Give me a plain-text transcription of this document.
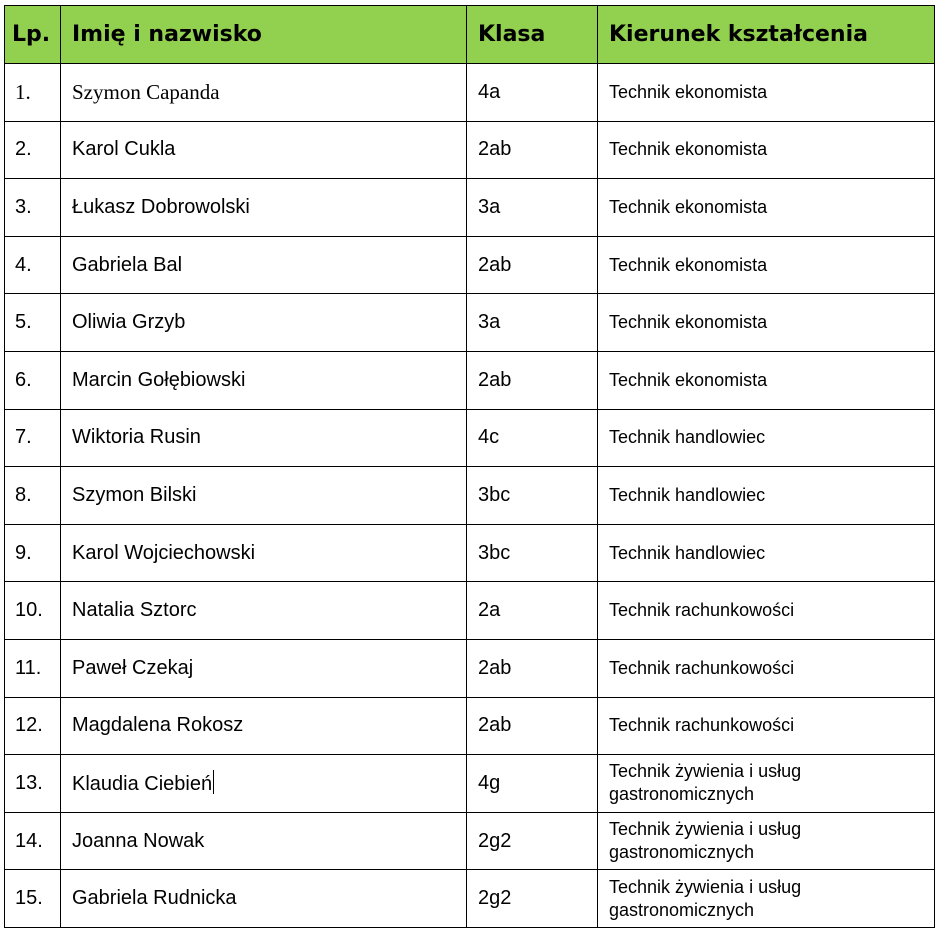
Lp.	Imię i nazwisko	Klasa	Kierunek kształcenia
1.	Szymon Capanda	4a	Technik ekonomista
2.	Karol Cukla	2ab	Technik ekonomista
3.	Łukasz Dobrowolski	3a	Technik ekonomista
4.	Gabriela Bal	2ab	Technik ekonomista
5.	Oliwia Grzyb	3a	Technik ekonomista
6.	Marcin Gołębiowski	2ab	Technik ekonomista
7.	Wiktoria Rusin	4c	Technik handlowiec
8.	Szymon Bilski	3bc	Technik handlowiec
9.	Karol Wojciechowski	3bc	Technik handlowiec
10.	Natalia Sztorc	2a	Technik rachunkowości
11.	Paweł Czekaj	2ab	Technik rachunkowości
12.	Magdalena Rokosz	2ab	Technik rachunkowości
13.	Klaudia Ciebień	4g	Technik żywienia i usług gastronomicznych
14.	Joanna Nowak	2g2	Technik żywienia i usług gastronomicznych
15.	Gabriela Rudnicka	2g2	Technik żywienia i usług gastronomicznych
